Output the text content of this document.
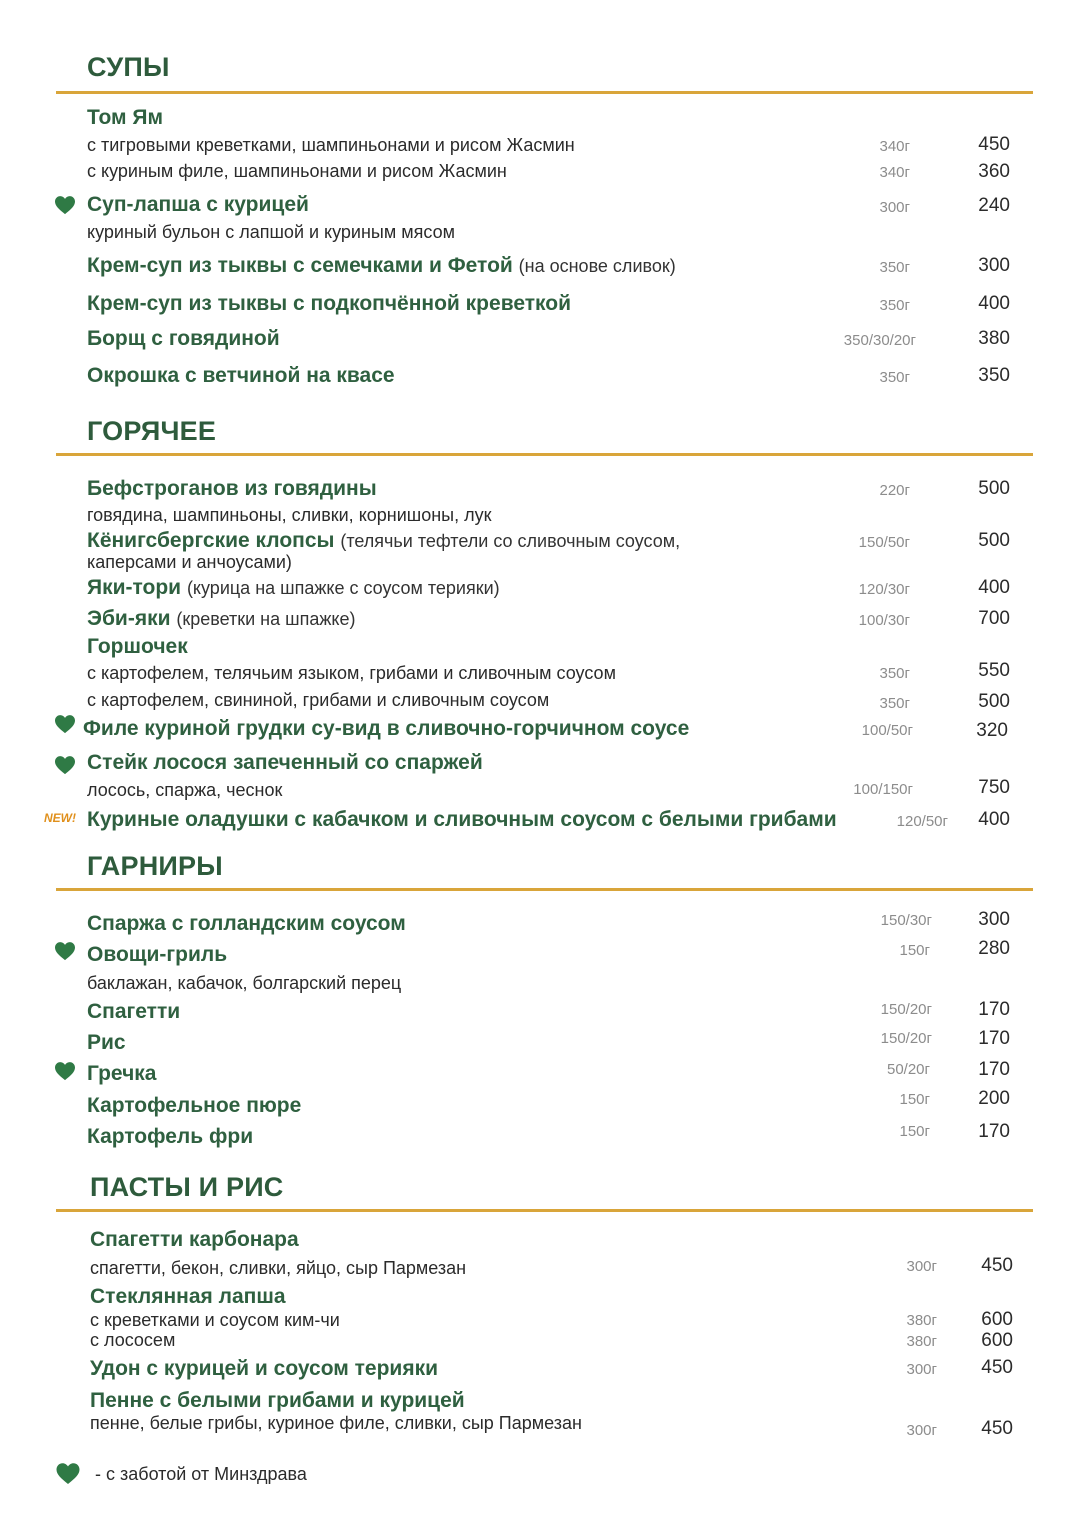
СУПЫ
Том Ям
с тигровыми креветками, шампиньонами и рисом Жасмин	340г	450
с куриным филе, шампиньонами и рисом Жасмин	340г	360
Суп-лапша с курицей	300г	240
куриный бульон с лапшой и куриным мясом
Крем-суп из тыквы с семечками и Фетой (на основе сливок)	350г	300
Крем-суп из тыквы с подкопчённой креветкой	350г	400
Борщ с говядиной	350/30/20г	380
Окрошка с ветчиной на квасе	350г	350
ГОРЯЧЕЕ
Бефстроганов из говядины	220г	500
говядина, шампиньоны, сливки, корнишоны, лук
Кёнигсбергские клопсы (телячьи тефтели со сливочным соусом,
каперсами и анчоусами)
150/50г	500
Яки-тори (курица на шпажке с соусом терияки)	120/30г	400
Эби-яки (креветки на шпажке)	100/30г	700
Горшочек
с картофелем, телячьим языком, грибами и сливочным соусом	350г	550
с картофелем, свининой, грибами и сливочным соусом	350г	500
Филе куриной грудки су-вид в сливочно-горчичном соусе	100/50г	320
Стейк лосося запеченный со спаржей
лосось, спаржа, чеснок	100/150г	750
NEW! Куриные оладушки с кабачком и сливочным соусом с белыми грибами	120/50г	400
ГАРНИРЫ
Спаржа с голландским соусом	150/30г	300
Овощи-гриль	150г	280
баклажан, кабачок, болгарский перец
Спагетти	150/20г	170
Рис	150/20г	170
Гречка	50/20г	170
Картофельное пюре	150г	200
Картофель фри	150г	170
ПАСТЫ И РИС
Спагетти карбонара
спагетти, бекон, сливки, яйцо, сыр Пармезан	300г	450
Стеклянная лапша
с креветками и соусом ким-чи	380г	600
с лососем	380г	600
Удон с курицей и соусом терияки	300г	450
Пенне с белыми грибами и курицей
пенне, белые грибы, куриное филе, сливки, сыр Пармезан	300г	450
- с заботой от Минздрава
